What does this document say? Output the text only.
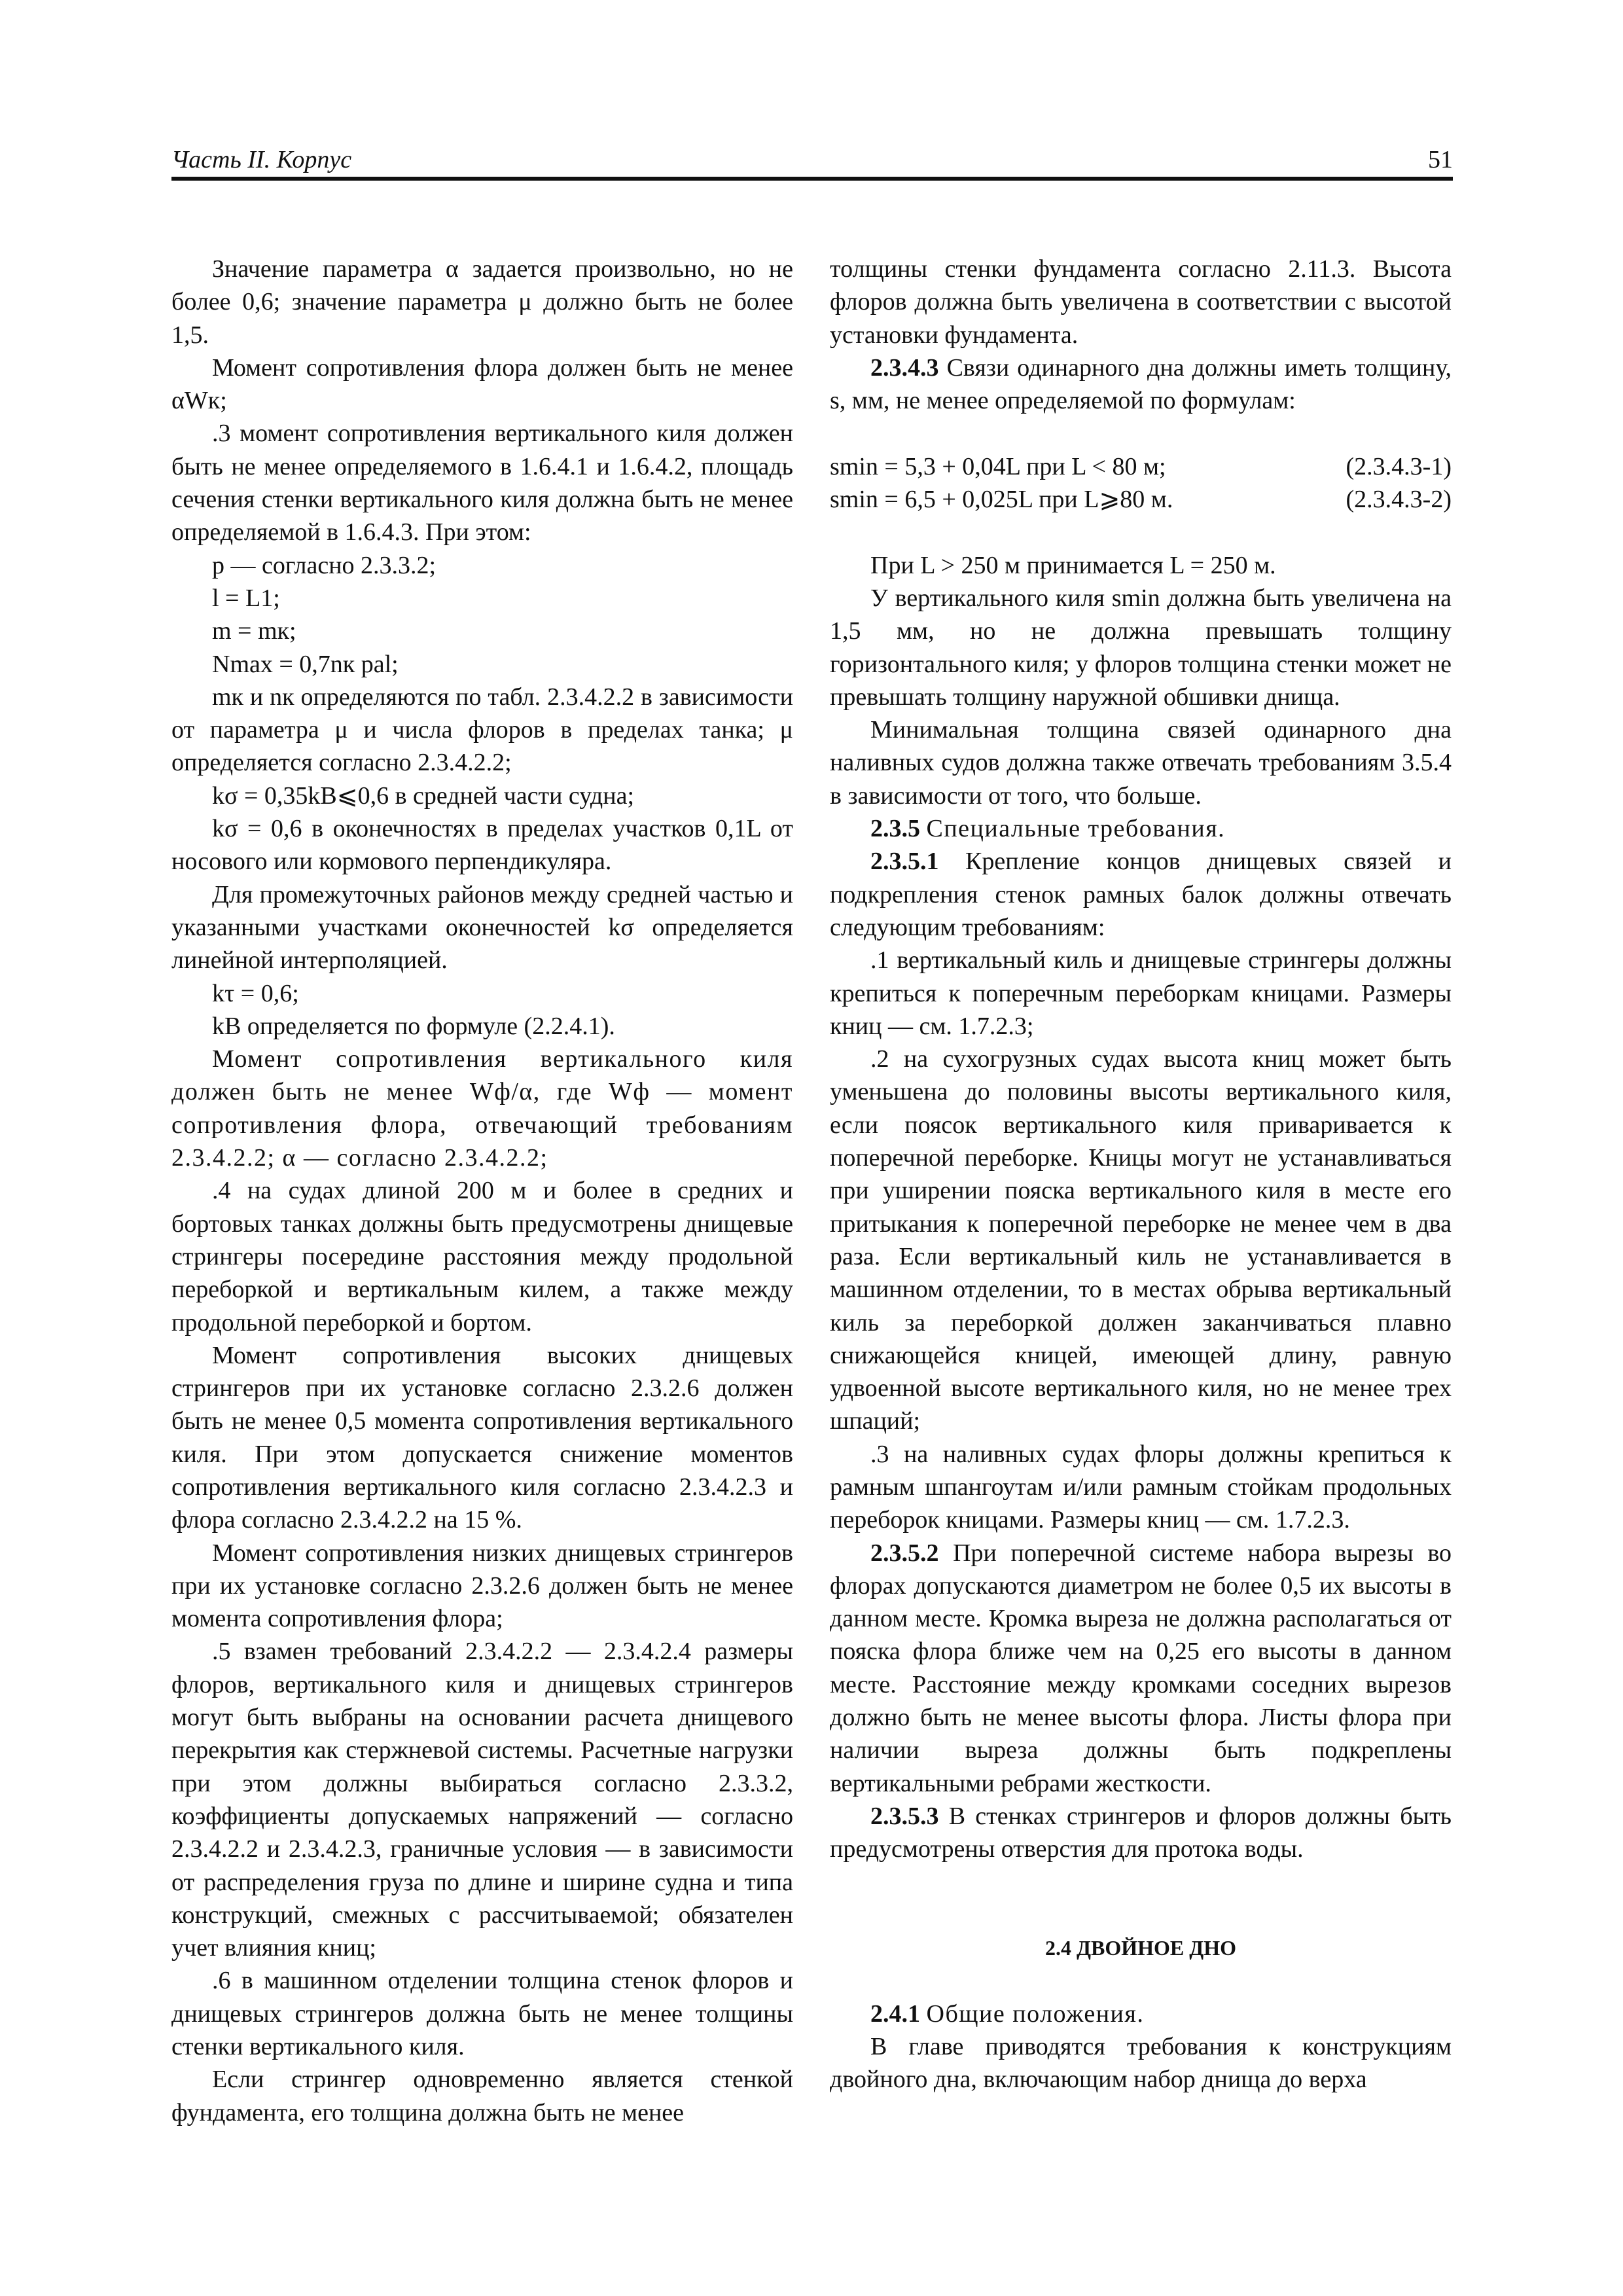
Часть II. Корпус	51

Значение параметра α задается произвольно, но не более 0,6; значение параметра μ должно быть не более 1,5.

Момент сопротивления флора должен быть не менее αWк;

.3 момент сопротивления вертикального киля должен быть не менее определяемого в 1.6.4.1 и 1.6.4.2, площадь сечения стенки вертикального киля должна быть не менее определяемой в 1.6.4.3. При этом:

p — согласно 2.3.3.2;

l = L1;

m = mк;

Nmax = 0,7nк pal;

mк и nк определяются по табл. 2.3.4.2.2 в зависимости от параметра μ и числа флоров в пределах танка; μ определяется согласно 2.3.4.2.2;

kσ = 0,35kB⩽0,6 в средней части судна;

kσ = 0,6 в оконечностях в пределах участков 0,1L от носового или кормового перпендикуляра.

Для промежуточных районов между средней частью и указанными участками оконечностей kσ определяется линейной интерполяцией.

kτ = 0,6;

kB определяется по формуле (2.2.4.1).

Момент сопротивления вертикального киля должен быть не менее Wф/α, где Wф — момент сопротивления флора, отвечающий требованиям 2.3.4.2.2; α — согласно 2.3.4.2.2;

.4 на судах длиной 200 м и более в средних и бортовых танках должны быть предусмотрены днищевые стрингеры посередине расстояния между продольной переборкой и вертикальным килем, а также между продольной переборкой и бортом.

Момент сопротивления высоких днищевых стрингеров при их установке согласно 2.3.2.6 должен быть не менее 0,5 момента сопротивления вертикального киля. При этом допускается снижение моментов сопротивления вертикального киля согласно 2.3.4.2.3 и флора согласно 2.3.4.2.2 на 15 %.

Момент сопротивления низких днищевых стрингеров при их установке согласно 2.3.2.6 должен быть не менее момента сопротивления флора;

.5 взамен требований 2.3.4.2.2 — 2.3.4.2.4 размеры флоров, вертикального киля и днищевых стрингеров могут быть выбраны на основании расчета днищевого перекрытия как стержневой системы. Расчетные нагрузки при этом должны выбираться согласно 2.3.3.2, коэффициенты допускаемых напряжений — согласно 2.3.4.2.2 и 2.3.4.2.3, граничные условия — в зависимости от распределения груза по длине и ширине судна и типа конструкций, смежных с рассчитываемой; обязателен учет влияния книц;

.6 в машинном отделении толщина стенок флоров и днищевых стрингеров должна быть не менее толщины стенки вертикального киля.

Если стрингер одновременно является стенкой фундамента, его толщина должна быть не менее

толщины стенки фундамента согласно 2.11.3. Высота флоров должна быть увеличена в соответствии с высотой установки фундамента.

2.3.4.3 Связи одинарного дна должны иметь толщину, s, мм, не менее определяемой по формулам:

smin = 5,3 + 0,04L при L < 80 м;	(2.3.4.3-1)
smin = 6,5 + 0,025L при L⩾80 м.	(2.3.4.3-2)

При L > 250 м принимается L = 250 м.

У вертикального киля smin должна быть увеличена на 1,5 мм, но не должна превышать толщину горизонтального киля; у флоров толщина стенки может не превышать толщину наружной обшивки днища.

Минимальная толщина связей одинарного дна наливных судов должна также отвечать требованиям 3.5.4 в зависимости от того, что больше.

2.3.5 Специальные требования.

2.3.5.1 Крепление концов днищевых связей и подкрепления стенок рамных балок должны отвечать следующим требованиям:

.1 вертикальный киль и днищевые стрингеры должны крепиться к поперечным переборкам кницами. Размеры книц — см. 1.7.2.3;

.2 на сухогрузных судах высота книц может быть уменьшена до половины высоты вертикального киля, если поясок вертикального киля приваривается к поперечной переборке. Кницы могут не устанавливаться при уширении пояска вертикального киля в месте его притыкания к поперечной переборке не менее чем в два раза. Если вертикальный киль не устанавливается в машинном отделении, то в местах обрыва вертикальный киль за переборкой должен заканчиваться плавно снижающейся кницей, имеющей длину, равную удвоенной высоте вертикального киля, но не менее трех шпаций;

.3 на наливных судах флоры должны крепиться к рамным шпангоутам и/или рамным стойкам продольных переборок кницами. Размеры книц — см. 1.7.2.3.

2.3.5.2 При поперечной системе набора вырезы во флорах допускаются диаметром не более 0,5 их высоты в данном месте. Кромка выреза не должна располагаться от пояска флора ближе чем на 0,25 его высоты в данном месте. Расстояние между кромками соседних вырезов должно быть не менее высоты флора. Листы флора при наличии выреза должны быть подкреплены вертикальными ребрами жесткости.

2.3.5.3 В стенках стрингеров и флоров должны быть предусмотрены отверстия для протока воды.

2.4 ДВОЙНОЕ ДНО

2.4.1 Общие положения.

В главе приводятся требования к конструкциям двойного дна, включающим набор днища до верха
